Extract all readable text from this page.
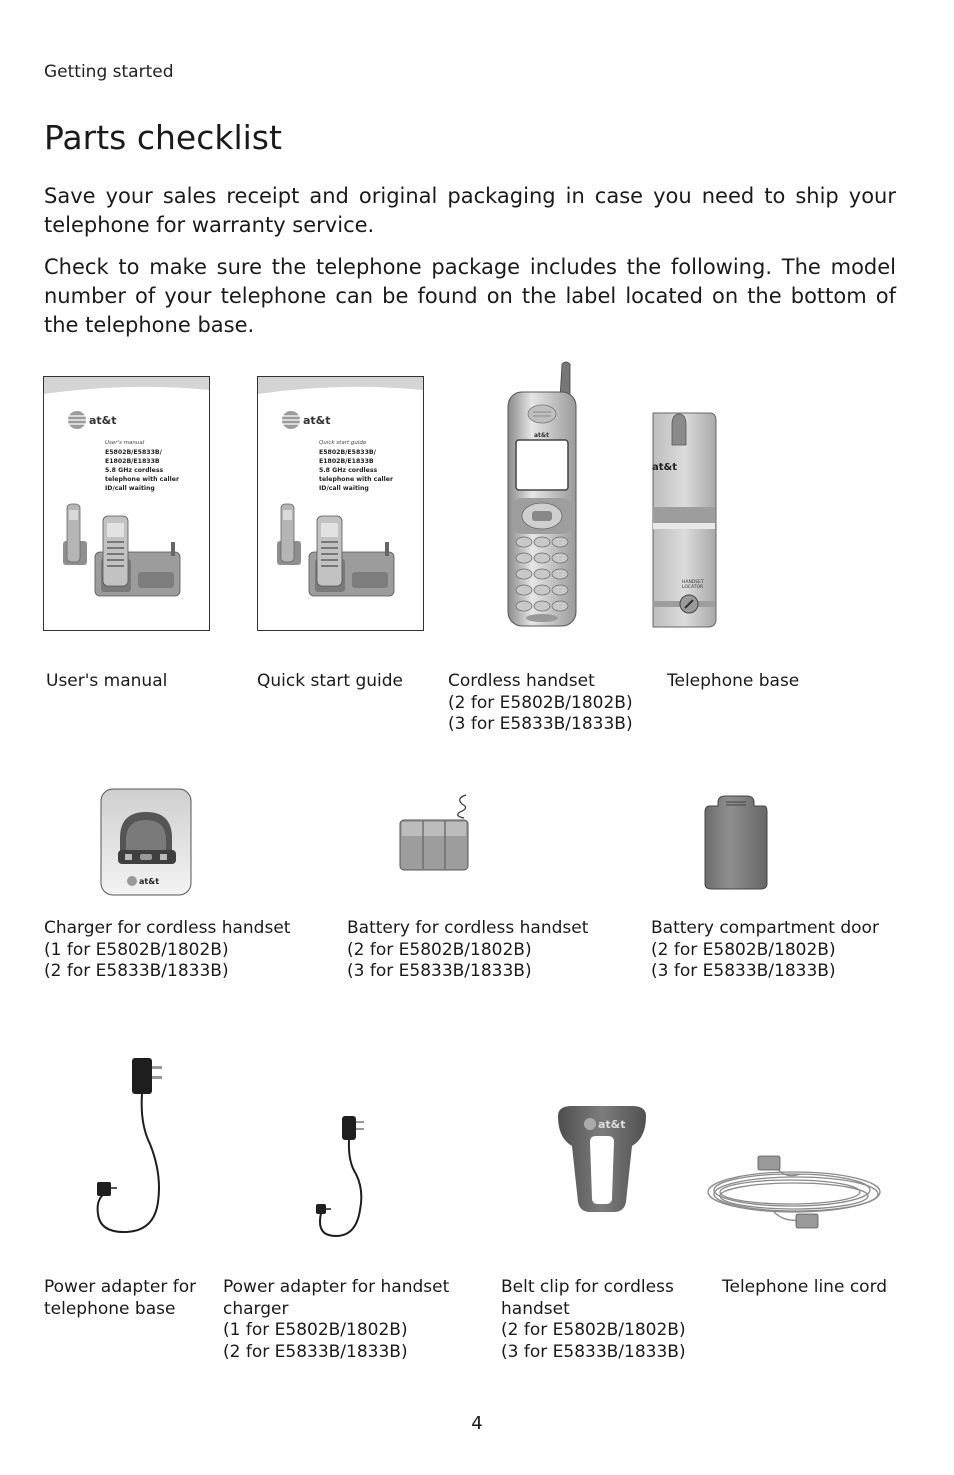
Getting started
Parts checklist

Save your sales receipt and original packaging in case you need to ship your telephone for warranty service.

Check to make sure the telephone package includes the following. The model number of your telephone can be found on the label located on the bottom of the telephone base.

at&t
User's manual
E5802B/E5833B/
E1802B/E1833B
5.8 GHz cordless
telephone with caller
ID/call waiting
at&t
Quick start guide
E5802B/E5833B/
E1802B/E1833B
5.8 GHz cordless
telephone with caller
ID/call waiting
at&t
at&t
HANDSET LOCATOR
at&t
at&t
User's manual	Quick start guide	Cordless handset
(2 for E5802B/1802B)
(3 for E5833B/1833B)
Telephone base
Charger for cordless handset
(1 for E5802B/1802B)
(2 for E5833B/1833B)
Battery for cordless handset
(2 for E5802B/1802B)
(3 for E5833B/1833B)
Battery compartment door
(2 for E5802B/1802B)
(3 for E5833B/1833B)
Power adapter for
telephone base
Power adapter for handset
charger
(1 for E5802B/1802B)
(2 for E5833B/1833B)
Belt clip for cordless
handset
(2 for E5802B/1802B)
(3 for E5833B/1833B)
Telephone line cord
4
